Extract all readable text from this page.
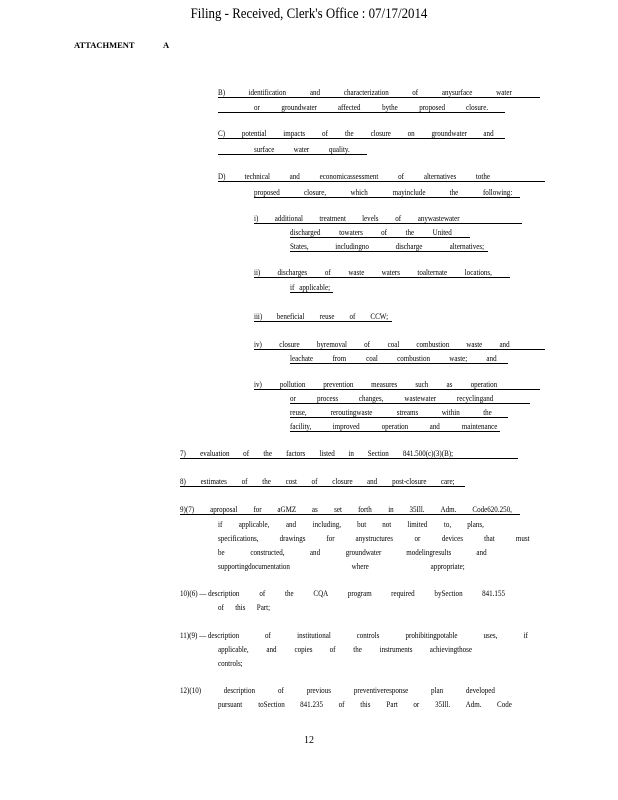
Filing - Received, Clerk's Office : 07/17/2014
ATTACHMENT	A
B)	identification	and	characterization	of	anysurface	water
or	groundwater	affected	bythe	proposed	closure.
C) potential impacts of the closure on groundwater and
surface water quality.
D) technical and economicassessment of alternatives tothe
proposed	closure,	which	mayinclude	the	following:
i) additional treatment levels of anywastewater
discharged towaters of the United
States,	includingno	discharge	alternatives;
ii) discharges of waste waters toalternate locations,
if applicable;
iii) beneficial reuse of CCW;
iv) closure byremoval of coal combustion waste and
leachate from coal combustion waste; and
iv) pollution prevention measures such as operation
or	process	changes,	wastewater	recyclingand
reuse,	reroutingwaste	streams	within	the
facility,	improved	operation	and	maintenance
7) evaluation of the factors listed in Section 841.500(c)(3)(B);
8) estimates of the cost of closure and post-closure care;
9)(7) aproposal for aGMZ as set forth in 35Ill. Adm. Code620.250,
if applicable, and including, but not limited to, plans,
specifications,	drawings	for	anystructures	or	devices	that	must
be	constructed,	and	groundwater	modelingresults	and
supportingdocumentation	where	appropriate;
10)(6) — description of the CQA program required bySection 841.155
of this Part;
11)(9) — description	of	institutional	controls	prohibitingpotable	uses,	if
applicable, and copies of the instruments achievingthose
controls;
12)(10)	description	of	previous	preventiveresponse	plan	developed
pursuant toSection 841.235 of this Part or 35Ill. Adm. Code
12
